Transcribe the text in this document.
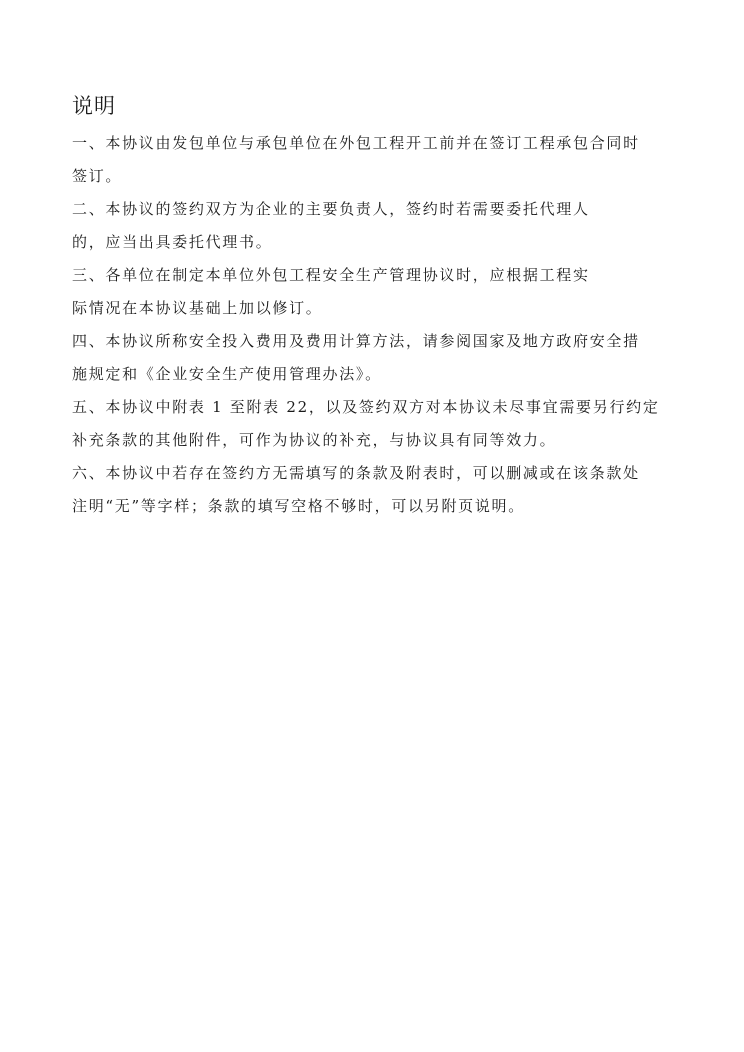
说明
一、本协议由发包单位与承包单位在外包工程开工前并在签订工程承包合同时
签订。
二、本协议的签约双方为企业的主要负责人，签约时若需要委托代理人
的，应当出具委托代理书。
三、各单位在制定本单位外包工程安全生产管理协议时，应根据工程实
际情况在本协议基础上加以修订。
四、本协议所称安全投入费用及费用计算方法，请参阅国家及地方政府安全措
施规定和《企业安全生产使用管理办法》。
五、本协议中附表 1 至附表 22，以及签约双方对本协议未尽事宜需要另行约定
补充条款的其他附件，可作为协议的补充，与协议具有同等效力。
六、本协议中若存在签约方无需填写的条款及附表时，可以删减或在该条款处
注明“无”等字样；条款的填写空格不够时，可以另附页说明。
